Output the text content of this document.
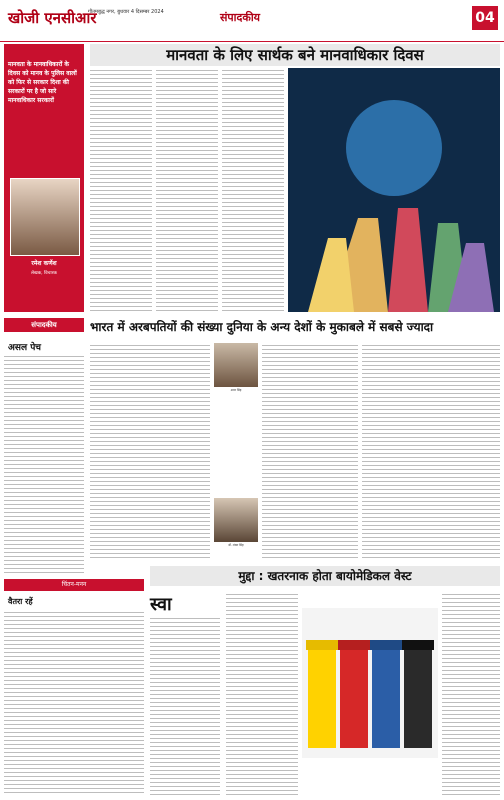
खोजी एनसीआर
गौतमबुद्ध नगर, बुधवार 4 दिसम्बर 2024	संपादकीय	04
मानवता के मानवाधिकारों के दिवस को मानव के पुलिस वालों को फिर से सरकार दिशा की सरकारों पर है जो सारे मानवाधिकार सरकारों
रमेश कर्णेश
लेखक, विचारक
मानवता के लिए सार्थक बने मानवाधिकार दिवस
संपादकीय
असल पेच
भारत में अरबपतियों की संख्या दुनिया के अन्य देशों के मुकाबले में सबसे ज्यादा
अमर सिंह
डॉ. शंकर सिंह
चिंतन-मनन
वैतरा रहें
मुद्दा : खतरनाक होता बायोमेडिकल वेस्ट
स्वा
